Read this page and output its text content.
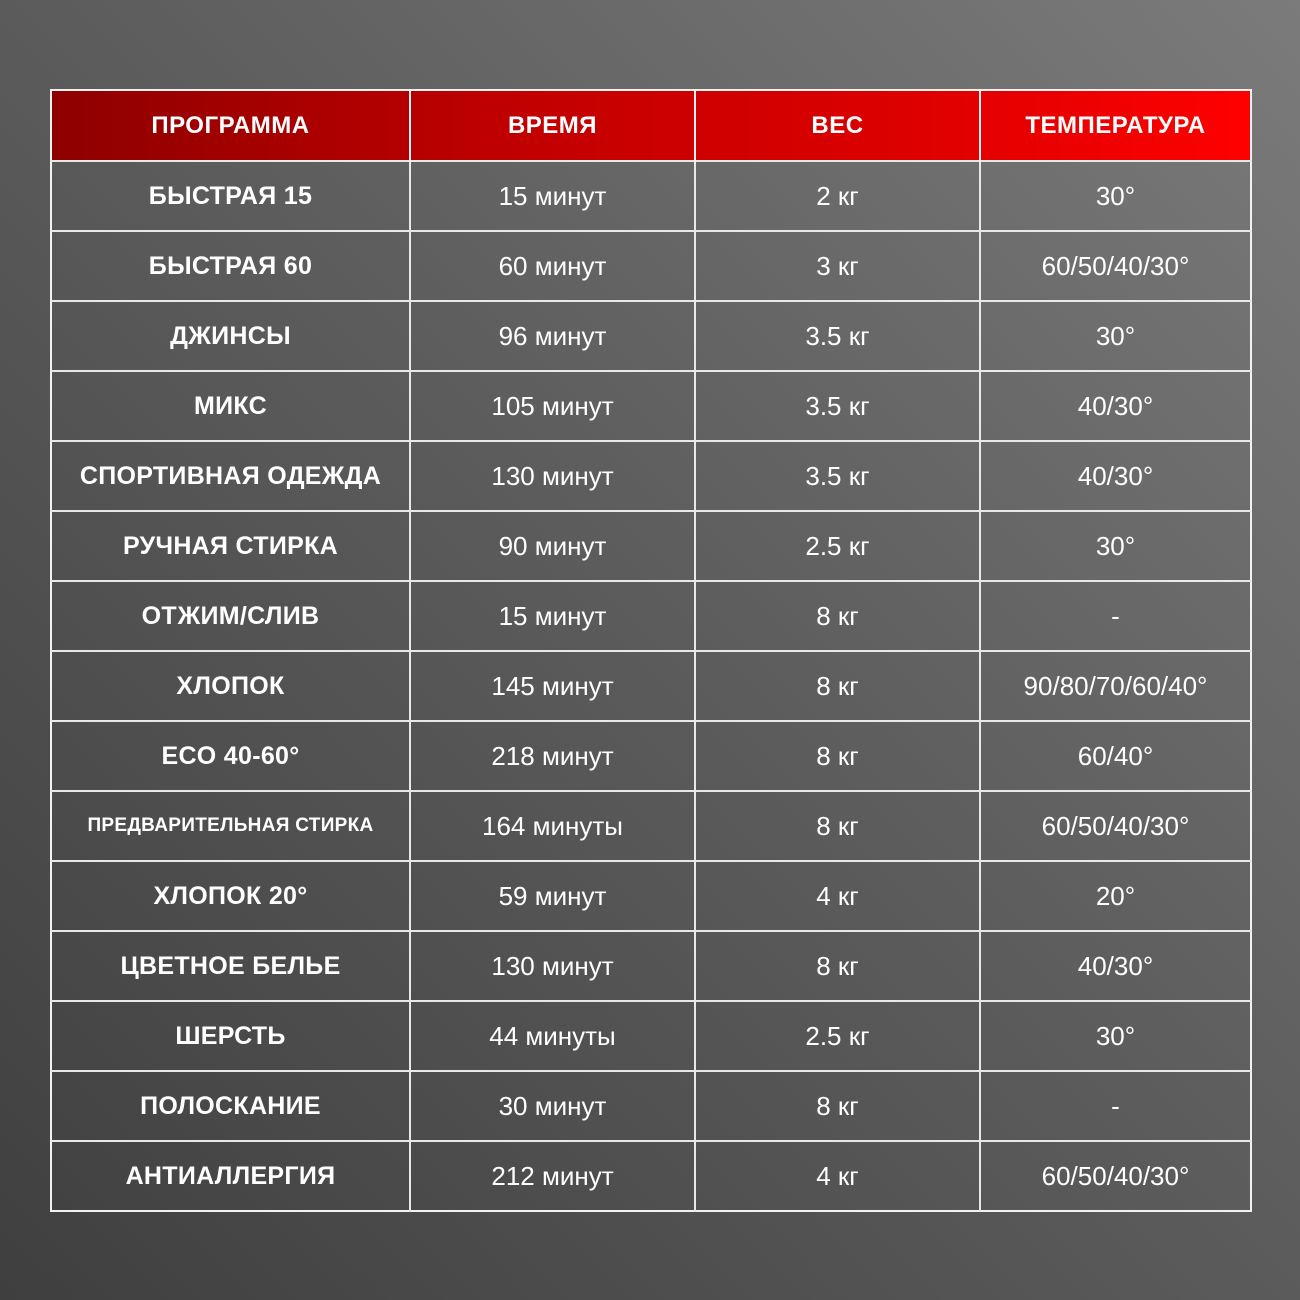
ПРОГРАММА	ВРЕМЯ	ВЕС	ТЕМПЕРАТУРА
БЫСТРАЯ 15	15 минут	2 кг	30°
БЫСТРАЯ 60	60 минут	3 кг	60/50/40/30°
ДЖИНСЫ	96 минут	3.5 кг	30°
МИКС	105 минут	3.5 кг	40/30°
СПОРТИВНАЯ ОДЕЖДА	130 минут	3.5 кг	40/30°
РУЧНАЯ СТИРКА	90 минут	2.5 кг	30°
ОТЖИМ/СЛИВ	15 минут	8 кг	-
ХЛОПОК	145 минут	8 кг	90/80/70/60/40°
ECO 40-60°	218 минут	8 кг	60/40°
ПРЕДВАРИТЕЛЬНАЯ СТИРКА	164 минуты	8 кг	60/50/40/30°
ХЛОПОК 20°	59 минут	4 кг	20°
ЦВЕТНОЕ БЕЛЬЕ	130 минут	8 кг	40/30°
ШЕРСТЬ	44 минуты	2.5 кг	30°
ПОЛОСКАНИЕ	30 минут	8 кг	-
АНТИАЛЛЕРГИЯ	212 минут	4 кг	60/50/40/30°
